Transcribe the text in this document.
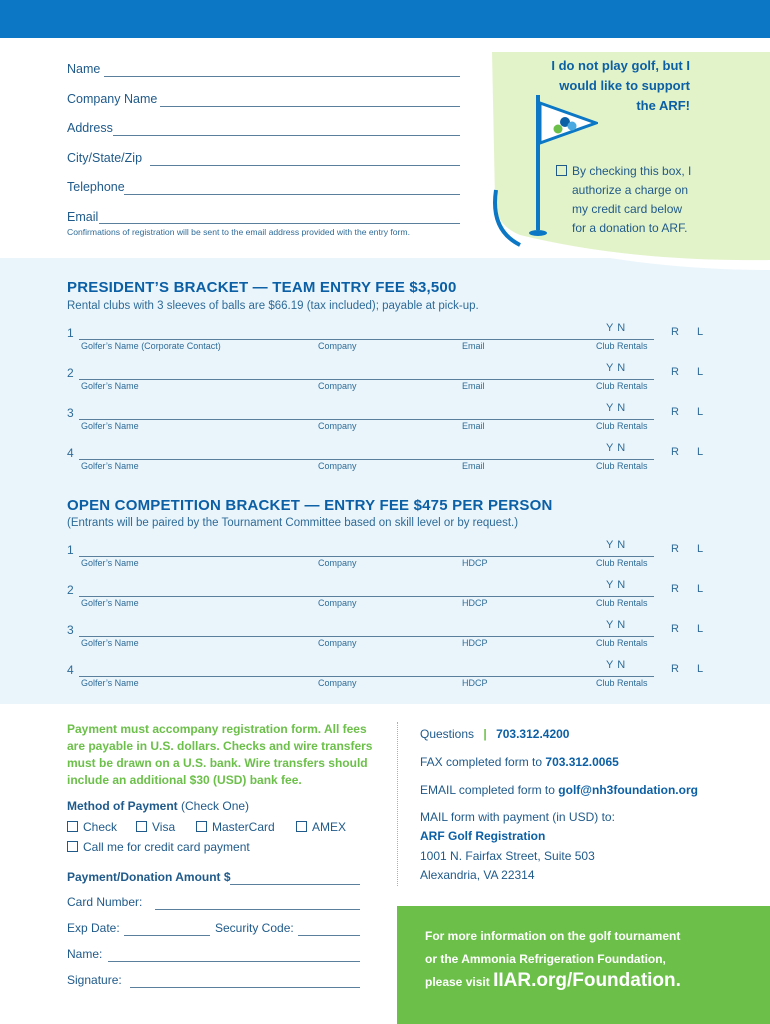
I do not play golf, but I
would like to support
the ARF!
By checking this box, I
authorize a charge on
my credit card below
for a donation to ARF.
Name
Company Name
Address
City/State/Zip
Telephone
Email
Confirmations of registration will be sent to the email address provided with the entry form.
PRESIDENT’S BRACKET — TEAM ENTRY FEE $3,500
Rental clubs with 3 sleeves of balls are $66.19 (tax included); payable at pick-up.
1	Y N	R L
Golfer’s Name (Corporate Contact)	Company	Email	Club Rentals
2	Y N	R L
Golfer’s Name	Company	Email	Club Rentals
3	Y N	R L
Golfer’s Name	Company	Email	Club Rentals
4	Y N	R L
Golfer’s Name	Company	Email	Club Rentals
OPEN COMPETITION BRACKET — ENTRY FEE $475 PER PERSON
(Entrants will be paired by the Tournament Committee based on skill level or by request.)
1	Y N	R L
Golfer’s Name	Company	HDCP	Club Rentals
2	Y N	R L
Golfer’s Name	Company	HDCP	Club Rentals
3	Y N	R L
Golfer’s Name	Company	HDCP	Club Rentals
4	Y N	R L
Golfer’s Name	Company	HDCP	Club Rentals
Payment must accompany registration form. All fees
are payable in U.S. dollars. Checks and wire transfers
must be drawn on a U.S. bank. Wire transfers should
include an additional $30 (USD) bank fee.
Method of Payment (Check One)
Check	Visa	MasterCard	AMEX
Call me for credit card payment
Payment/Donation Amount $
Card Number:
Exp Date:	Security Code:
Name:
Signature:
Questions | 703.312.4200
FAX completed form to 703.312.0065
EMAIL completed form to golf@nh3foundation.org
MAIL form with payment (in USD) to:
ARF Golf Registration
1001 N. Fairfax Street, Suite 503
Alexandria, VA 22314
For more information on the golf tournament
or the Ammonia Refrigeration Foundation,
please visit IIAR.org/Foundation.
